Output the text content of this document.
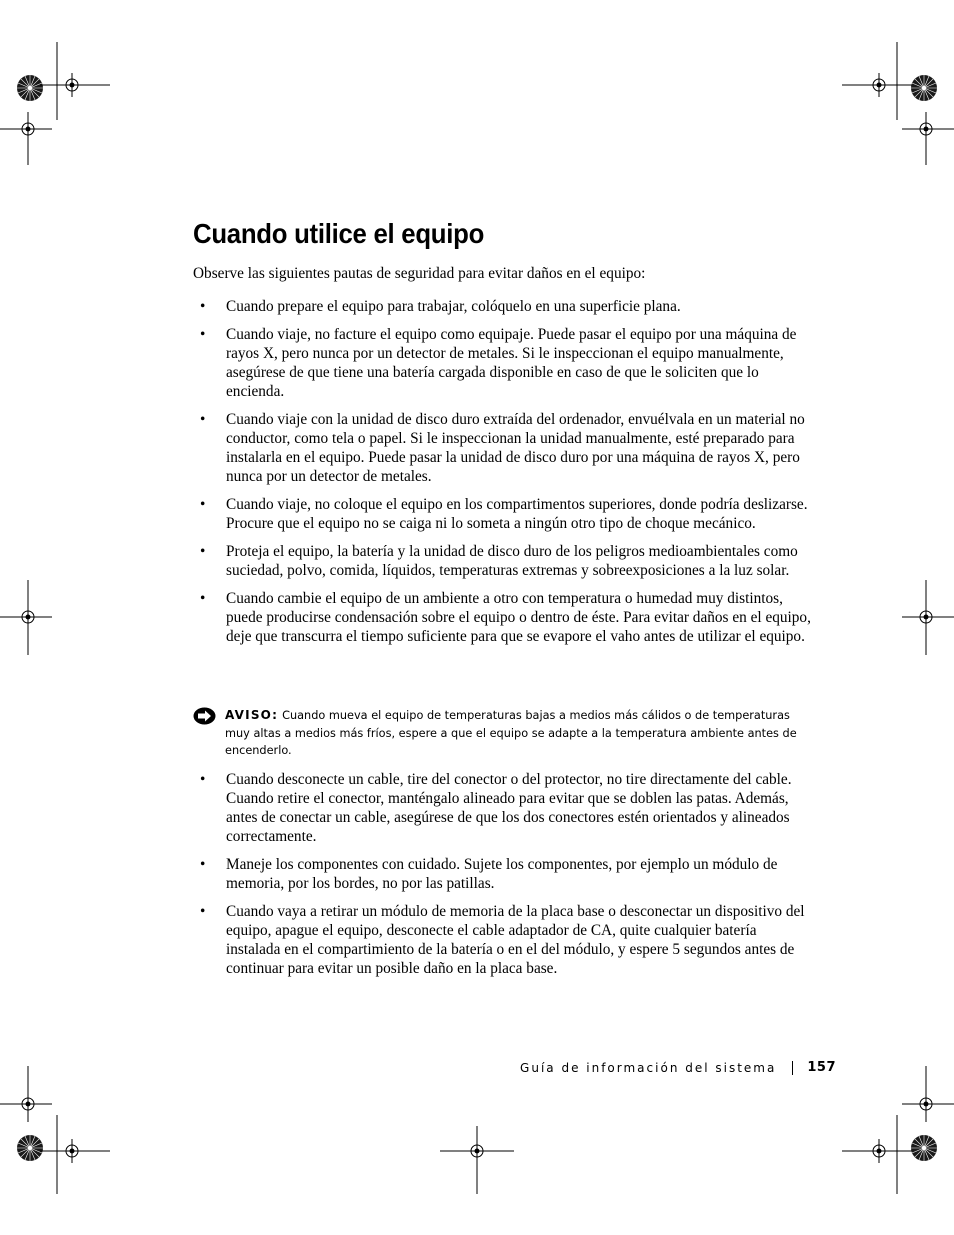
Cuando utilice el equipo

Observe las siguientes pautas de seguridad para evitar daños en el equipo:

• Cuando prepare el equipo para trabajar, colóquelo en una superficie plana.
• Cuando viaje, no facture el equipo como equipaje. Puede pasar el equipo por una máquina de rayos X, pero nunca por un detector de metales. Si le inspeccionan el equipo manualmente, asegúrese de que tiene una batería cargada disponible en caso de que le soliciten que lo encienda.
• Cuando viaje con la unidad de disco duro extraída del ordenador, envuélvala en un material no conductor, como tela o papel. Si le inspeccionan la unidad manualmente, esté preparado para instalarla en el equipo. Puede pasar la unidad de disco duro por una máquina de rayos X, pero nunca por un detector de metales.
• Cuando viaje, no coloque el equipo en los compartimentos superiores, donde podría deslizarse. Procure que el equipo no se caiga ni lo someta a ningún otro tipo de choque mecánico.
• Proteja el equipo, la batería y la unidad de disco duro de los peligros medioambientales como suciedad, polvo, comida, líquidos, temperaturas extremas y sobreexposiciones a la luz solar.
• Cuando cambie el equipo de un ambiente a otro con temperatura o humedad muy distintos, puede producirse condensación sobre el equipo o dentro de éste. Para evitar daños en el equipo, deje que transcurra el tiempo suficiente para que se evapore el vaho antes de utilizar el equipo.
AVISO: Cuando mueva el equipo de temperaturas bajas a medios más cálidos o de temperaturas muy altas a medios más fríos, espere a que el equipo se adapte a la temperatura ambiente antes de encenderlo.
• Cuando desconecte un cable, tire del conector o del protector, no tire directamente del cable. Cuando retire el conector, manténgalo alineado para evitar que se doblen las patas. Además, antes de conectar un cable, asegúrese de que los dos conectores estén orientados y alineados correctamente.
• Maneje los componentes con cuidado. Sujete los componentes, por ejemplo un módulo de memoria, por los bordes, no por las patillas.
• Cuando vaya a retirar un módulo de memoria de la placa base o desconectar un dispositivo del equipo, apague el equipo, desconecte el cable adaptador de CA, quite cualquier batería instalada en el compartimiento de la batería o en el del módulo, y espere 5 segundos antes de continuar para evitar un posible daño en la placa base.
Guía de información del sistema 157
